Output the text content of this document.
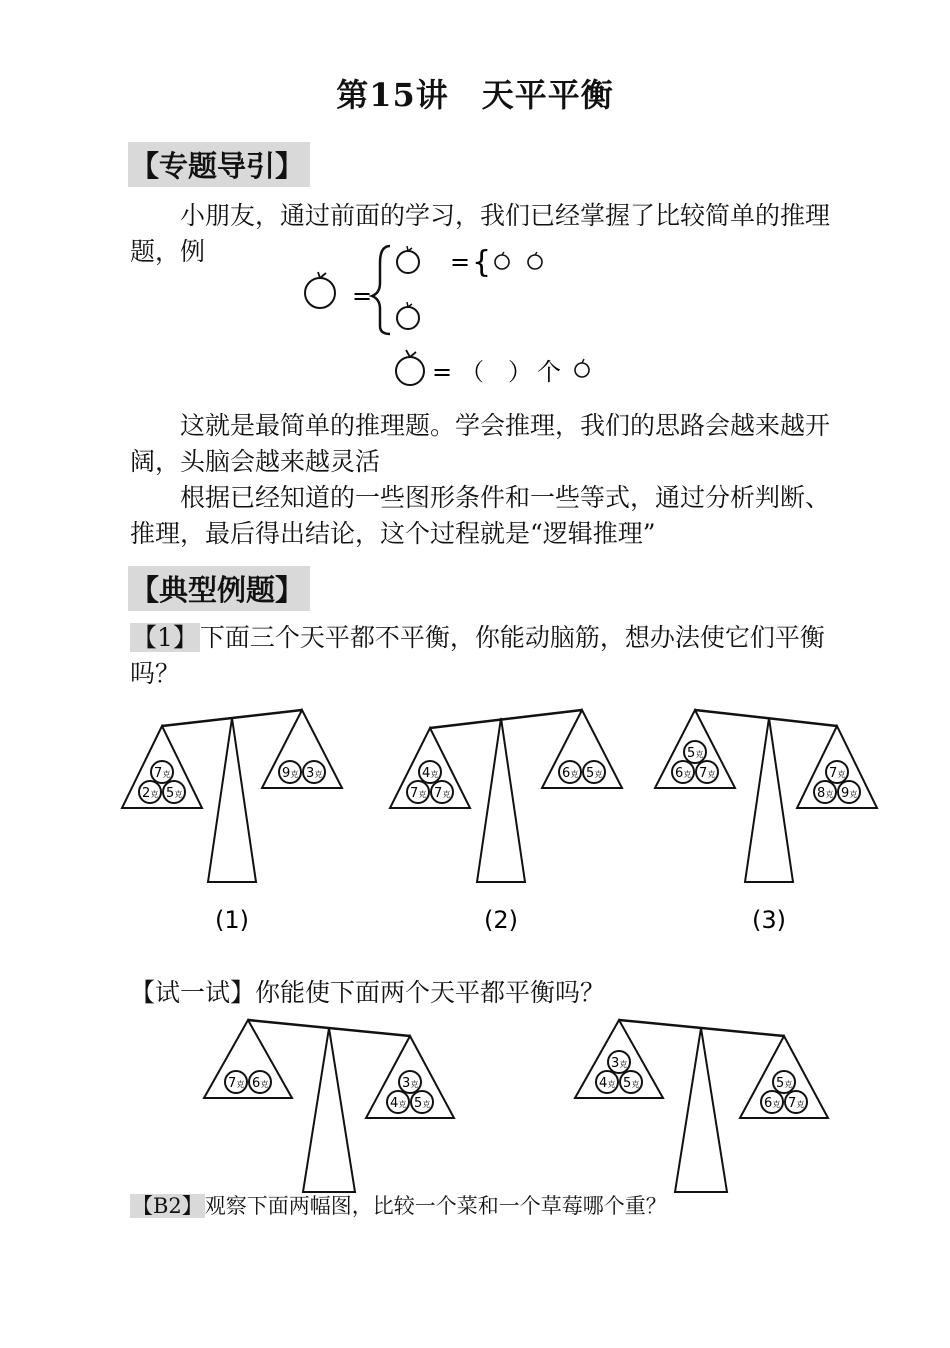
第15讲　天平平衡
【专题导引】
小朋友，通过前面的学习，我们已经掌握了比较简单的推理题，例
=
= {
= （　） 个
这就是最简单的推理题。学会推理，我们的思路会越来越开阔，头脑会越来越灵活
根据已经知道的一些图形条件和一些等式，通过分析判断、推理，最后得出结论，这个过程就是“逻辑推理”
【典型例题】
【1】下面三个天平都不平衡，你能动脑筋，想办法使它们平衡吗？
7 克
2 克 5 克
9 克 3 克
(1)
4 克
7 克 7 克
6 克 5 克
(2)
5 克
6 克 7 克	7 克
8 克 9 克
(3)
【试一试】你能使下面两个天平都平衡吗？
7 克 6 克	3 克
4 克 5 克
3 克
4 克 5 克	5 克
6 克 7 克
【B2】观察下面两幅图，比较一个菜和一个草莓哪个重？
